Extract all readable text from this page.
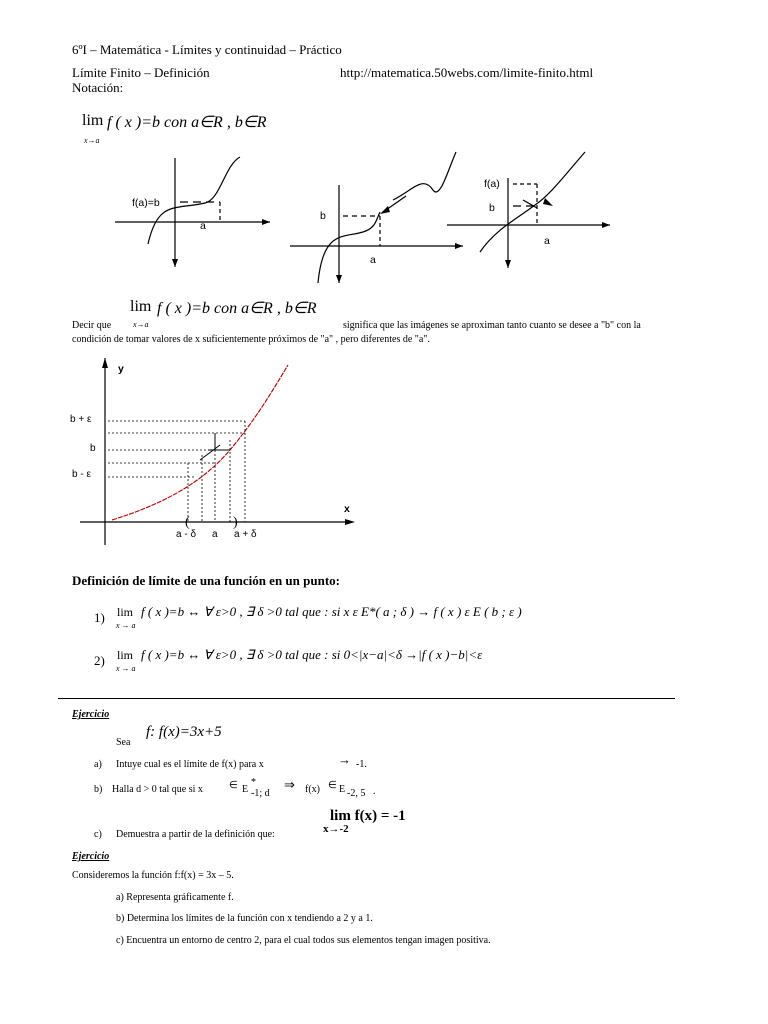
6ºI – Matemática - Límites y continuidad – Práctico
Límite Finito – Definición	http://matematica.50webs.com/limite-finito.html
Notación:
lim
x→a
f ( x )=b con a∈R , b∈R
f(a)=b
a
b
a
f(a)
b
a
lim
x→a
f ( x )=b con a∈R , b∈R
Decir que	significa que las imágenes se aproximan tanto cuanto se desee a "b" con la
condición de tomar valores de x suficientemente próximos de "a" , pero diferentes de "a".
(	)
y
x
b + ε
b
b - ε
a - δ a a + δ
Definición de límite de una función en un punto:
1) lim
x → a
f ( x )=b ↔ ∀ ε>0 , ∃ δ >0 tal que : si x ε E*( a ; δ ) → f ( x ) ε E ( b ; ε )
2) lim
x → a
f ( x )=b ↔ ∀ ε>0 , ∃ δ >0 tal que : si 0<|x−a|<δ →|f ( x )−b|<ε
Ejercicio
Sea
f: f(x)=3x+5
a) Intuye cual es el límite de f(x) para x	→ -1.
b) Halla d > 0 tal que si x	∈ E
*
-1; d
⇒ f(x) ∈ E -2, 5 .
lim f(x) = -1
x→-2
c) Demuestra a partir de la definición que:
Ejercicio
Consideremos la función f:f(x) = 3x – 5.
a) Representa gráficamente f.
b) Determina los límites de la función con x tendiendo a 2 y a 1.
c) Encuentra un entorno de centro 2, para el cual todos sus elementos tengan imagen positiva.
